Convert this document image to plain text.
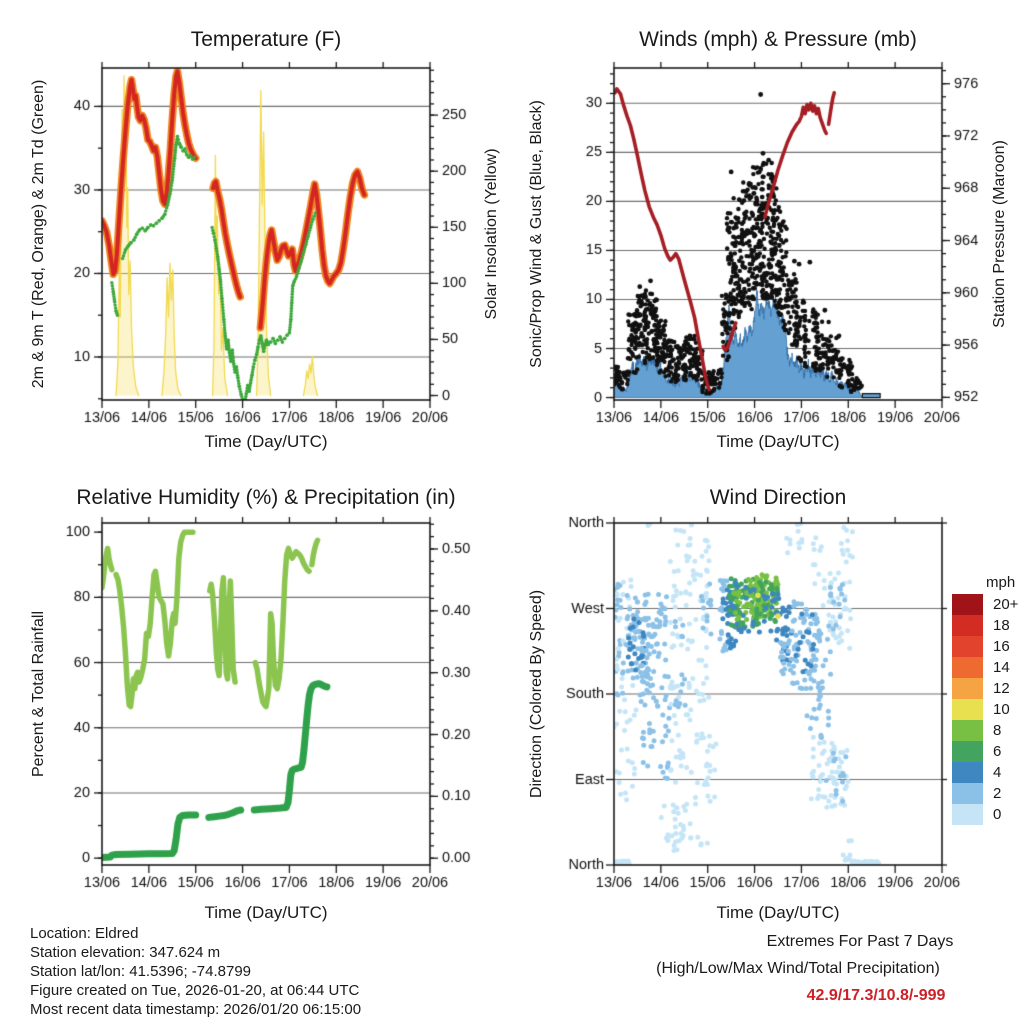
Temperature (F)	Winds (mph) & Pressure (mb)
Relative Humidity (%) & Precipitation (in)	Wind Direction
2m & 9m T (Red, Orange) & 2m Td (Green)	Solar Insolation (Yellow) Sonic/Prop Wind & Gust (Blue, Black)	Station Pressure (Maroon)
Percent & Total Rainfall	Direction (Colored By Speed)
Time (Day/UTC)	Time (Day/UTC)
Time (Day/UTC)	Time (Day/UTC)
mph
20+
18
16
14
12
10
8
6
4
2
0
Location: Eldred
Station elevation: 347.624 m
Station lat/lon: 41.5396; -74.8799
Figure created on Tue, 2026-01-20, at 06:44 UTC
Most recent data timestamp: 2026/01/20 06:15:00
Extremes For Past 7 Days
(High/Low/Max Wind/Total Precipitation)
42.9/17.3/10.8/-999
